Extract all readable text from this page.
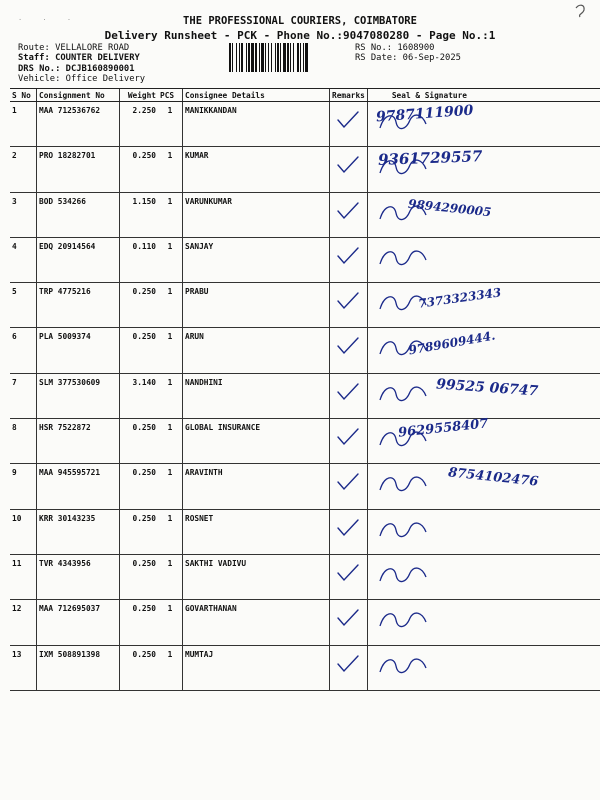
. . .	THE PROFESSIONAL COURIERS, COIMBATORE
Delivery Runsheet - PCK - Phone No.:9047080280 - Page No.:1
Route: VELLALORE ROAD
Staff: COUNTER DELIVERY
DRS No.: DCJB160890001
Vehicle: Office Delivery
RS No.: 1608900
RS Date: 06-Sep-2025
S No	Consignment No	Weight	PCS	Consignee Details	Remarks	Seal & Signature
1	MAA 712536762	2.250	1	MANIKKANDAN		9787111900

2	PRO 18282701	0.250	1	KUMAR		9361729557

3	BOD 534266	1.150	1	VARUNKUMAR		9894290005

4	EDQ 20914564	0.110	1	SANJAY	

5	TRP 4775216	0.250	1	PRABU		7373323343

6	PLA 5009374	0.250	1	ARUN		9789609444.

7	SLM 377530609	3.140	1	NANDHINI		99525 06747

8	HSR 7522872	0.250	1	GLOBAL INSURANCE		9629558407

9	MAA 945595721	0.250	1	ARAVINTH		8754102476

10	KRR 30143235	0.250	1	ROSNET	

11	TVR 4343956	0.250	1	SAKTHI VADIVU	

12	MAA 712695037	0.250	1	GOVARTHANAN	

13	IXM 508891398	0.250	1	MUMTAJ	
